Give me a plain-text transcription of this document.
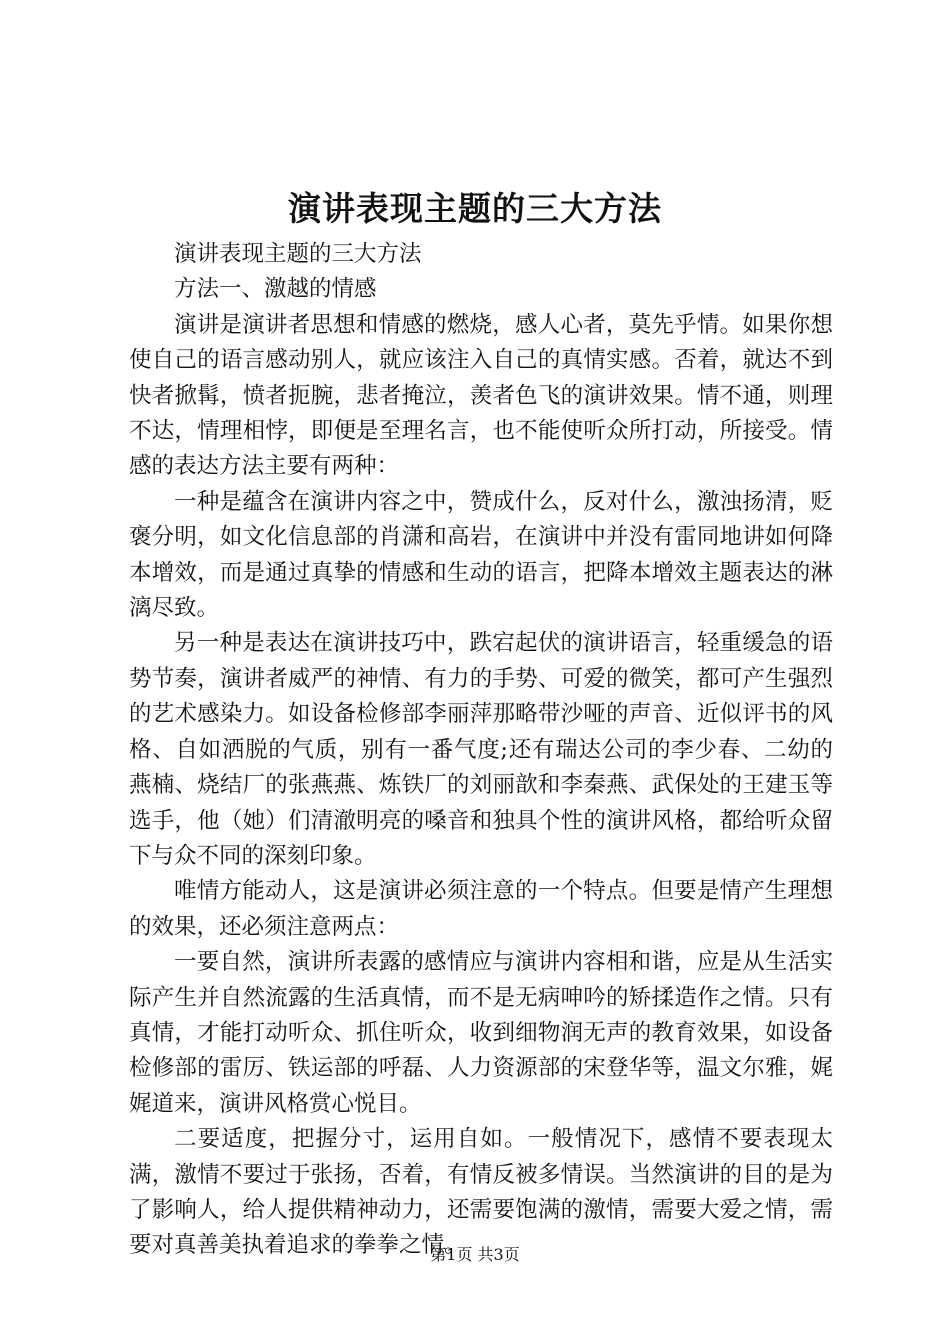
演讲表现主题的三大方法

演讲表现主题的三大方法

方法一、激越的情感

演讲是演讲者思想和情感的燃烧，感人心者，莫先乎情。如果你想使自己的语言感动别人，就应该注入自己的真情实感。否着，就达不到快者掀髯，愤者扼腕，悲者掩泣，羡者色飞的演讲效果。情不通，则理不达，情理相悖，即便是至理名言，也不能使听众所打动，所接受。情感的表达方法主要有两种：

一种是蕴含在演讲内容之中，赞成什么，反对什么，激浊扬清，贬褒分明，如文化信息部的肖潇和高岩，在演讲中并没有雷同地讲如何降本增效，而是通过真挚的情感和生动的语言，把降本增效主题表达的淋漓尽致。

另一种是表达在演讲技巧中，跌宕起伏的演讲语言，轻重缓急的语势节奏，演讲者威严的神情、有力的手势、可爱的微笑，都可产生强烈的艺术感染力。如设备检修部李丽萍那略带沙哑的声音、近似评书的风格、自如洒脱的气质，别有一番气度;还有瑞达公司的李少春、二幼的燕楠、烧结厂的张燕燕、炼铁厂的刘丽歆和李秦燕、武保处的王建玉等选手，他（她）们清澈明亮的嗓音和独具个性的演讲风格，都给听众留下与众不同的深刻印象。

唯情方能动人，这是演讲必须注意的一个特点。但要是情产生理想的效果，还必须注意两点：

一要自然，演讲所表露的感情应与演讲内容相和谐，应是从生活实际产生并自然流露的生活真情，而不是无病呻吟的矫揉造作之情。只有真情，才能打动听众、抓住听众，收到细物润无声的教育效果，如设备检修部的雷厉、铁运部的呼磊、人力资源部的宋登华等，温文尔雅，娓娓道来，演讲风格赏心悦目。

二要适度，把握分寸，运用自如。一般情况下，感情不要表现太满，激情不要过于张扬，否着，有情反被多情误。当然演讲的目的是为了影响人，给人提供精神动力，还需要饱满的激情，需要大爱之情，需要对真善美执着追求的拳拳之情。

第1页 共3页
